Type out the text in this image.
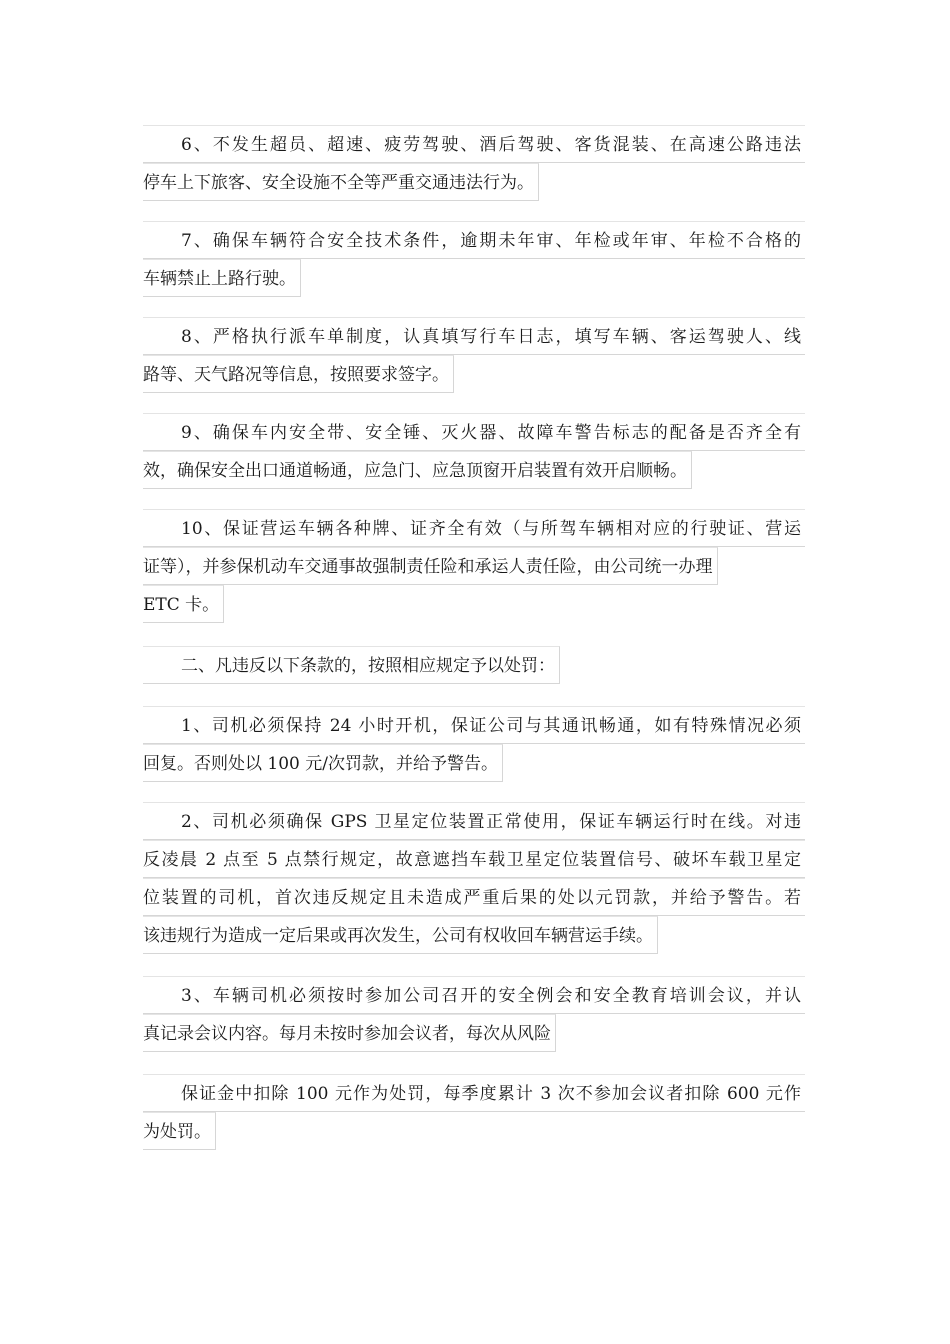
6、不发生超员、超速、疲劳驾驶、酒后驾驶、客货混装、在高速公路违法
停车上下旅客、安全设施不全等严重交通违法行为。
7、确保车辆符合安全技术条件，逾期未年审、年检或年审、年检不合格的
车辆禁止上路行驶。
8、严格执行派车单制度，认真填写行车日志，填写车辆、客运驾驶人、线
路等、天气路况等信息，按照要求签字。
9、确保车内安全带、安全锤、灭火器、故障车警告标志的配备是否齐全有
效，确保安全出口通道畅通，应急门、应急顶窗开启装置有效开启顺畅。
10、保证营运车辆各种牌、证齐全有效（与所驾车辆相对应的行驶证、营运
证等），并参保机动车交通事故强制责任险和承运人责任险，由公司统一办理
ETC 卡。
二、凡违反以下条款的，按照相应规定予以处罚：
1、司机必须保持 24 小时开机，保证公司与其通讯畅通，如有特殊情况必须
回复。否则处以 100 元/次罚款，并给予警告。
2、司机必须确保 GPS 卫星定位装置正常使用，保证车辆运行时在线。对违
反凌晨 2 点至 5 点禁行规定，故意遮挡车载卫星定位装置信号、破坏车载卫星定
位装置的司机，首次违反规定且未造成严重后果的处以元罚款，并给予警告。若
该违规行为造成一定后果或再次发生，公司有权收回车辆营运手续。
3、车辆司机必须按时参加公司召开的安全例会和安全教育培训会议，并认
真记录会议内容。每月未按时参加会议者，每次从风险
保证金中扣除 100 元作为处罚，每季度累计 3 次不参加会议者扣除 600 元作
为处罚。
